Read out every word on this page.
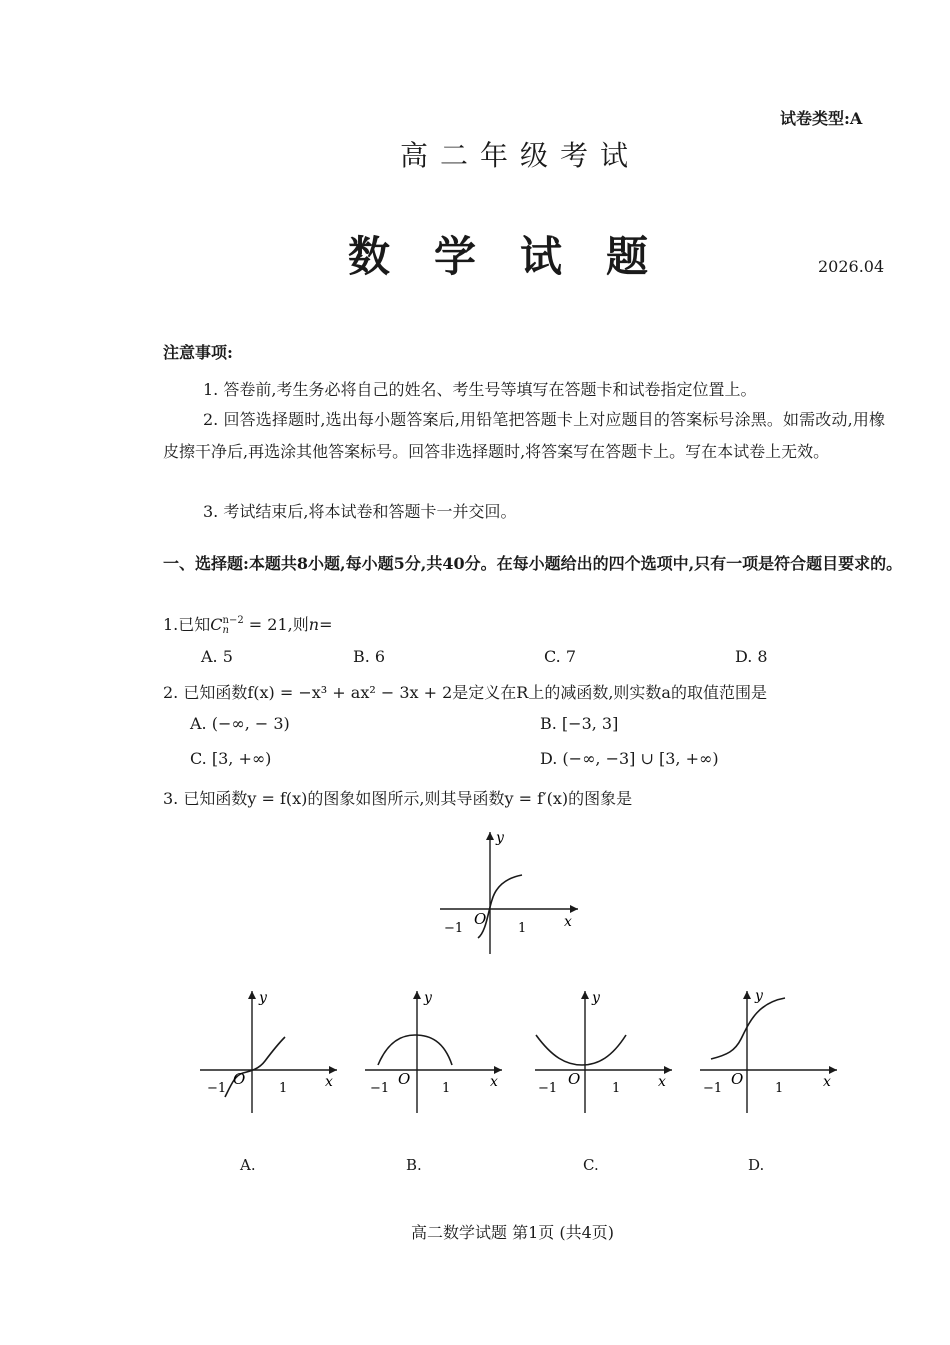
试卷类型:A
高二年级考试
数学试题	2026.04
注意事项:
1. 答卷前,考生务必将自己的姓名、考生号等填写在答题卡和试卷指定位置上。
2. 回答选择题时,选出每小题答案后,用铅笔把答题卡上对应题目的答案标号涂黑。如需改动,用橡皮擦干净后,再选涂其他答案标号。回答非选择题时,将答案写在答题卡上。写在本试卷上无效。
3. 考试结束后,将本试卷和答题卡一并交回。
一、选择题:本题共8小题,每小题5分,共40分。在每小题给出的四个选项中,只有一项是符合题目要求的。
1.已知C n−2
n = 21,则n=
A. 5	B. 6	C. 7	D. 8
2. 已知函数f(x) = −x³ + ax² − 3x + 2是定义在R上的减函数,则实数a的取值范围是
A. (−∞, − 3)	B. [−3, 3]
C. [3, +∞)	D. (−∞, −3] ∪ [3, +∞)
3. 已知函数y = f(x)的图象如图所示,则其导函数y = f′(x)的图象是
y
x
O
−1	1
y
x
O
−1	1
y
x
O
−1	1
y
x
O
−1	1
y
x
O
−1	1
A.	B.	C.	D.
高二数学试题 第1页 (共4页)
